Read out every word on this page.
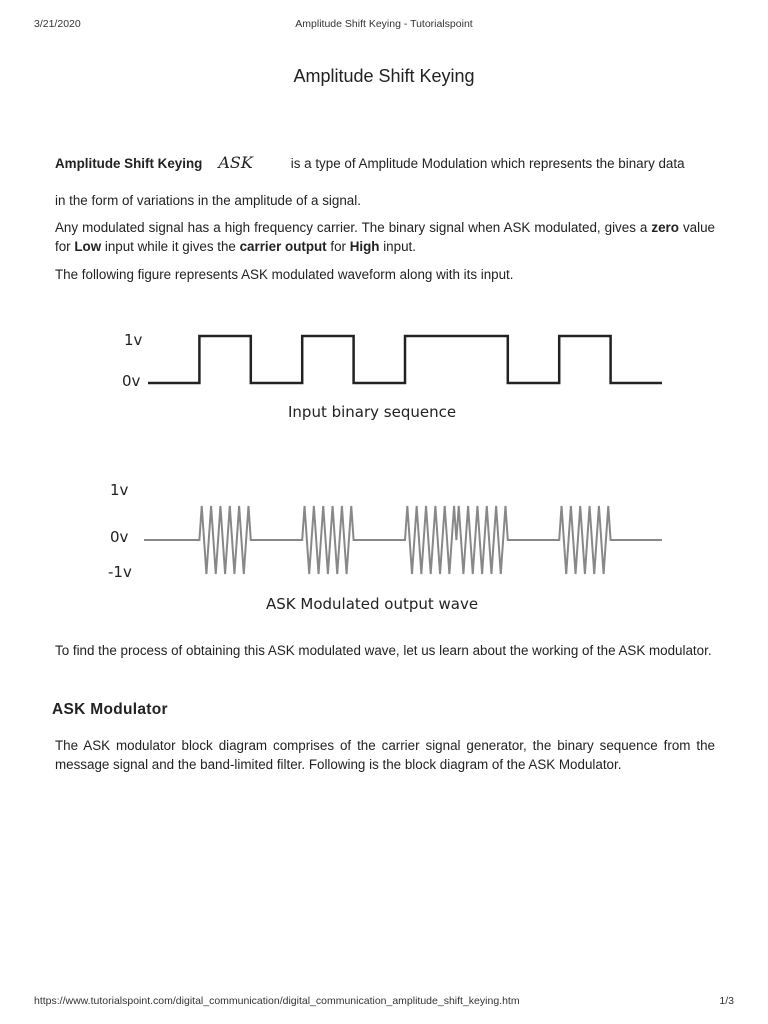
3/21/2020	Amplitude Shift Keying - Tutorialspoint
Amplitude Shift Keying

Amplitude Shift Keying ASK	is a type of Amplitude Modulation which represents the binary data

in the form of variations in the amplitude of a signal.

Any modulated signal has a high frequency carrier. The binary signal when ASK modulated, gives a zero value for Low input while it gives the carrier output for High input.

The following figure represents ASK modulated waveform along with its input.

1v
0v
Input binary sequence
1v
0v
-1v
ASK Modulated output wave

To find the process of obtaining this ASK modulated wave, let us learn about the working of the ASK modulator.

ASK Modulator

The ASK modulator block diagram comprises of the carrier signal generator, the binary sequence from the message signal and the band-limited filter. Following is the block diagram of the ASK Modulator.

https://www.tutorialspoint.com/digital_communication/digital_communication_amplitude_shift_keying.htm	1/3
